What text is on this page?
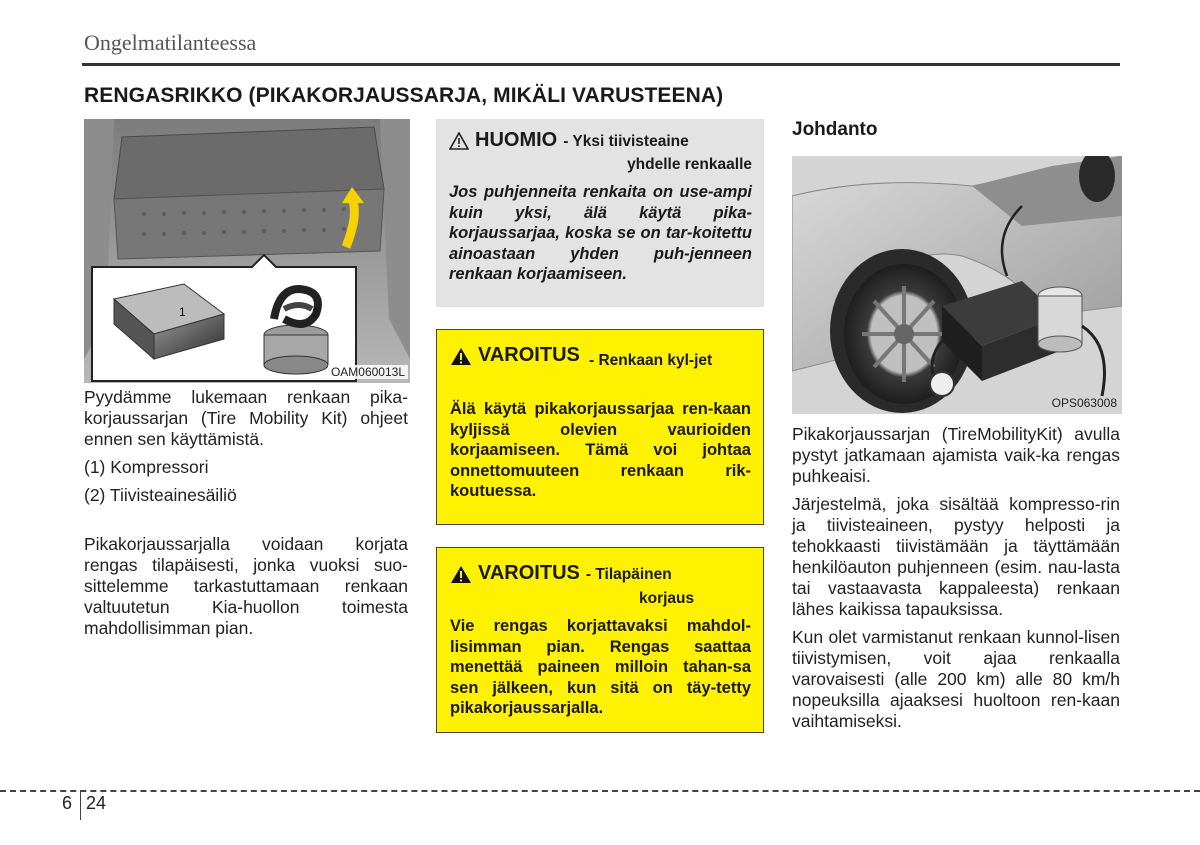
Ongelmatilanteessa
RENGASRIKKO (PIKAKORJAUSSARJA, MIKÄLI VARUSTEENA)
1	2
OAM060013L

Pyydämme lukemaan renkaan pika-korjaussarjan (Tire Mobility Kit) ohjeet ennen sen käyttämistä.

(1) Kompressori

(2) Tiivisteainesäiliö

Pikakorjaussarjalla voidaan korjata rengas tilapäisesti, jonka vuoksi suo-sittelemme tarkastuttamaan renkaan valtuutetun Kia-huollon toimesta mahdollisimman pian.

HUOMIO - Yksi tiivisteaine
yhdelle renkaalle
Jos puhjenneita renkaita on use-ampi kuin yksi, älä käytä pika-korjaussarjaa, koska se on tar-koitettu ainoastaan yhden puh-jenneen renkaan korjaamiseen.
VAROITUS - Renkaan kyl-jet
Älä käytä pikakorjaussarjaa ren-kaan kyljissä olevien vaurioiden korjaamiseen. Tämä voi johtaa onnettomuuteen renkaan rik-koutuessa.
VAROITUS - Tilapäinen
korjaus
Vie rengas korjattavaksi mahdol-lisimman pian. Rengas saattaa menettää paineen milloin tahan-sa sen jälkeen, kun sitä on täy-tetty pikakorjaussarjalla.
Johdanto
OPS063008

Pikakorjaussarjan (TireMobilityKit) avulla pystyt jatkamaan ajamista vaik-ka rengas puhkeaisi.

Järjestelmä, joka sisältää kompresso-rin ja tiivisteaineen, pystyy helposti ja tehokkaasti tiivistämään ja täyttämään henkilöauton puhjenneen (esim. nau-lasta tai vastaavasta kappaleesta) renkaan lähes kaikissa tapauksissa.

Kun olet varmistanut renkaan kunnol-lisen tiivistymisen, voit ajaa renkaalla varovaisesti (alle 200 km) alle 80 km/h nopeuksilla ajaaksesi huoltoon ren-kaan vaihtamiseksi.

6 24
